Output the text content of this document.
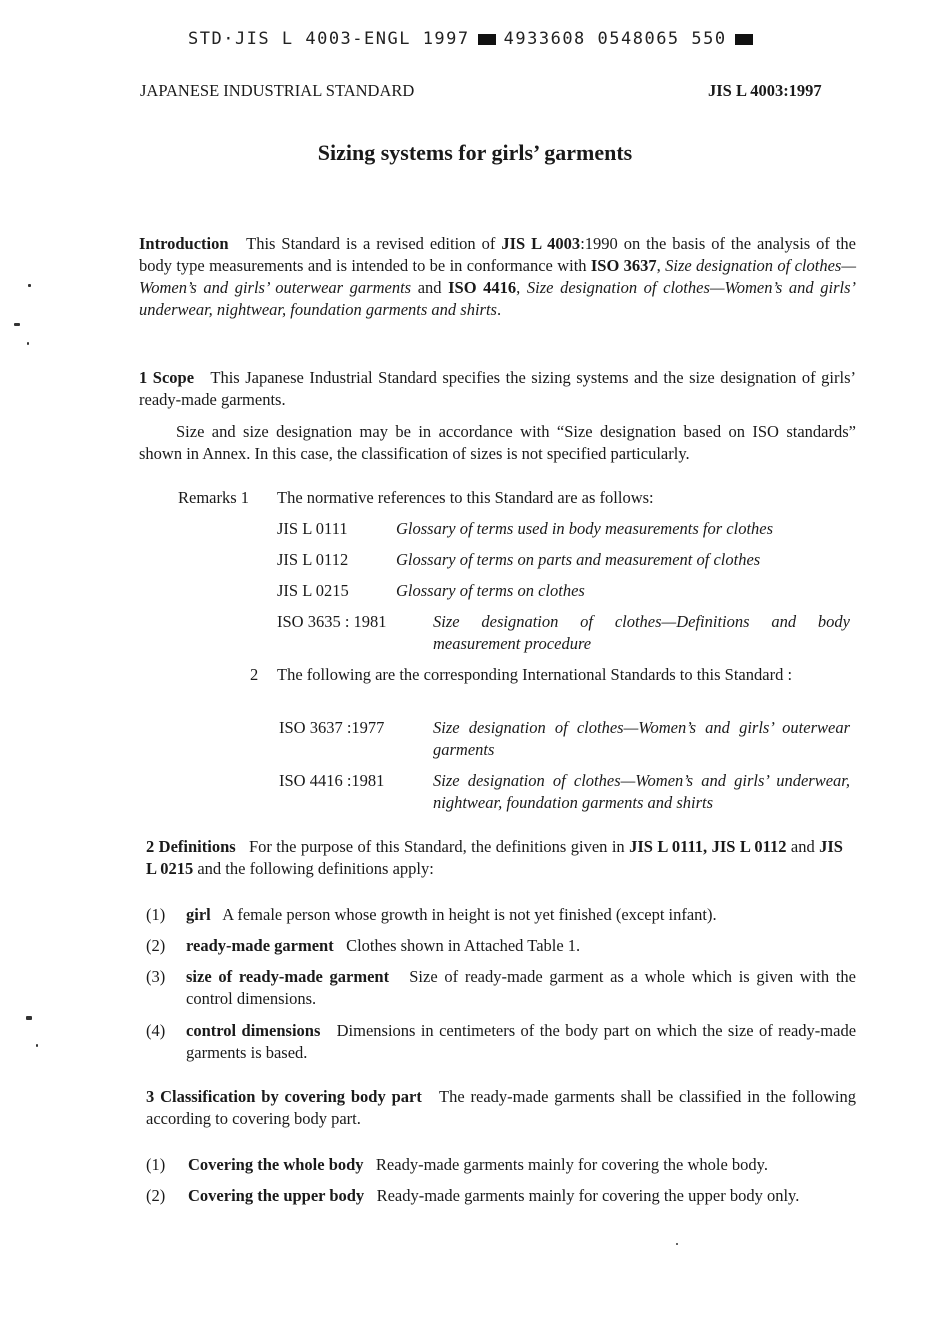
STD·JIS L 4003-ENGL 1997 4933608 0548065 550
JAPANESE INDUSTRIAL STANDARD	JIS L 4003:1997
Sizing systems for girls’ garments
Introduction This Standard is a revised edition of JIS L 4003:1990 on the basis of the analysis of the body type measurements and is intended to be in conformance with ISO 3637, Size designation of clothes—Women’s and girls’ outerwear garments and ISO 4416, Size designation of clothes—Women’s and girls’ underwear, nightwear, foundation garments and shirts.
1 Scope This Japanese Industrial Standard specifies the sizing systems and the size designation of girls’ ready-made garments.
Size and size designation may be in accordance with “Size designation based on ISO standards” shown in Annex. In this case, the classification of sizes is not specified particularly.
Remarks 1 The normative references to this Standard are as follows:
JIS L 0111	Glossary of terms used in body measurements for clothes
JIS L 0112	Glossary of terms on parts and measurement of clothes
JIS L 0215	Glossary of terms on clothes
ISO 3635 : 1981	Size designation of clothes—Definitions and body measurement procedure
2 The following are the corresponding International Standards to this Standard :
ISO 3637 :1977	Size designation of clothes—Women’s and girls’ outerwear garments
ISO 4416 :1981	Size designation of clothes—Women’s and girls’ underwear, nightwear, foundation garments and shirts
2 Definitions For the purpose of this Standard, the definitions given in JIS L 0111, JIS L 0112 and JIS L 0215 and the following definitions apply:
(1) girl A female person whose growth in height is not yet finished (except infant).
(2) ready-made garment Clothes shown in Attached Table 1.
(3) size of ready-made garment Size of ready-made garment as a whole which is given with the control dimensions.
(4) control dimensions Dimensions in centimeters of the body part on which the size of ready-made garments is based.
3 Classification by covering body part The ready-made garments shall be classified in the following according to covering body part.
(1) Covering the whole body Ready-made garments mainly for covering the whole body.
(2) Covering the upper body Ready-made garments mainly for covering the upper body only.
